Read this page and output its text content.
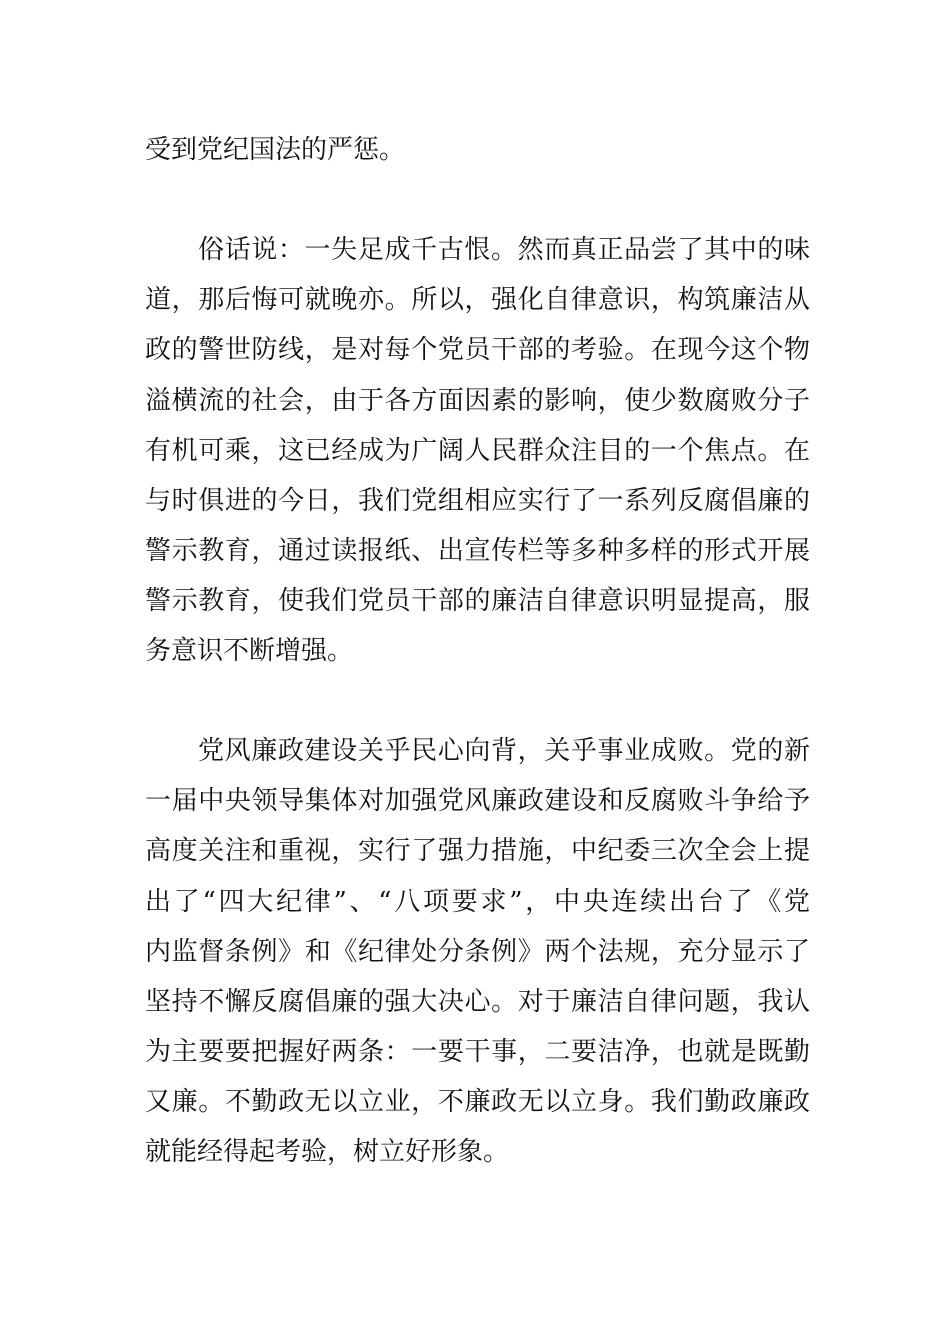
受到党纪国法的严惩。
俗话说：一失足成千古恨。然而真正品尝了其中的味
道，那后悔可就晚亦。所以，强化自律意识，构筑廉洁从
政的警世防线，是对每个党员干部的考验。在现今这个物
溢横流的社会，由于各方面因素的影响，使少数腐败分子
有机可乘，这已经成为广阔人民群众注目的一个焦点。在
与时俱进的今日，我们党组相应实行了一系列反腐倡廉的
警示教育，通过读报纸、出宣传栏等多种多样的形式开展
警示教育，使我们党员干部的廉洁自律意识明显提高，服
务意识不断增强。
党风廉政建设关乎民心向背，关乎事业成败。党的新
一届中央领导集体对加强党风廉政建设和反腐败斗争给予
高度关注和重视，实行了强力措施，中纪委三次全会上提
出了“四大纪律”、“八项要求”，中央连续出台了《党
内监督条例》和《纪律处分条例》两个法规，充分显示了
坚持不懈反腐倡廉的强大决心。对于廉洁自律问题，我认
为主要要把握好两条：一要干事，二要洁净，也就是既勤
又廉。不勤政无以立业，不廉政无以立身。我们勤政廉政
就能经得起考验，树立好形象。
